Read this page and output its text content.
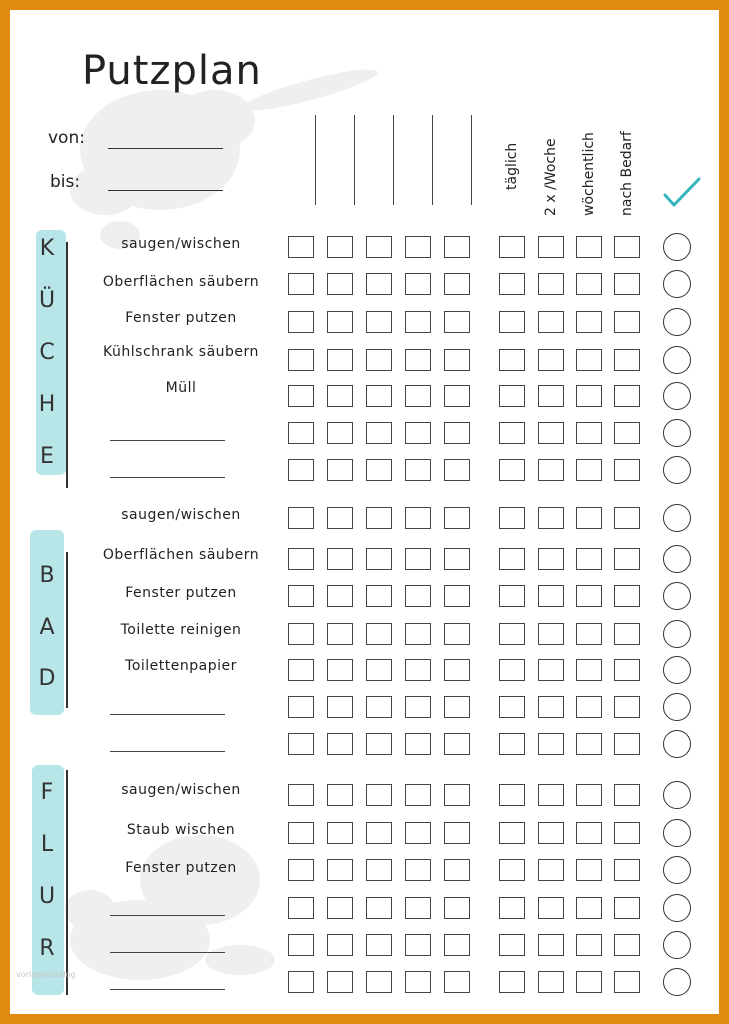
Putzplan
von:
bis:	täglich 2 x /Woche wöchentlich nach Bedarf
K
Ü
C
H
E
saugen/wischen
Oberflächen säubern
Fenster putzen
Kühlschrank säubern
Müll
B
A
D
saugen/wischen
Oberflächen säubern
Fenster putzen
Toilette reinigen
Toilettenpapier
F
L
U
R
saugen/wischen
Staub wischen
Fenster putzen
vorlagekatalog
